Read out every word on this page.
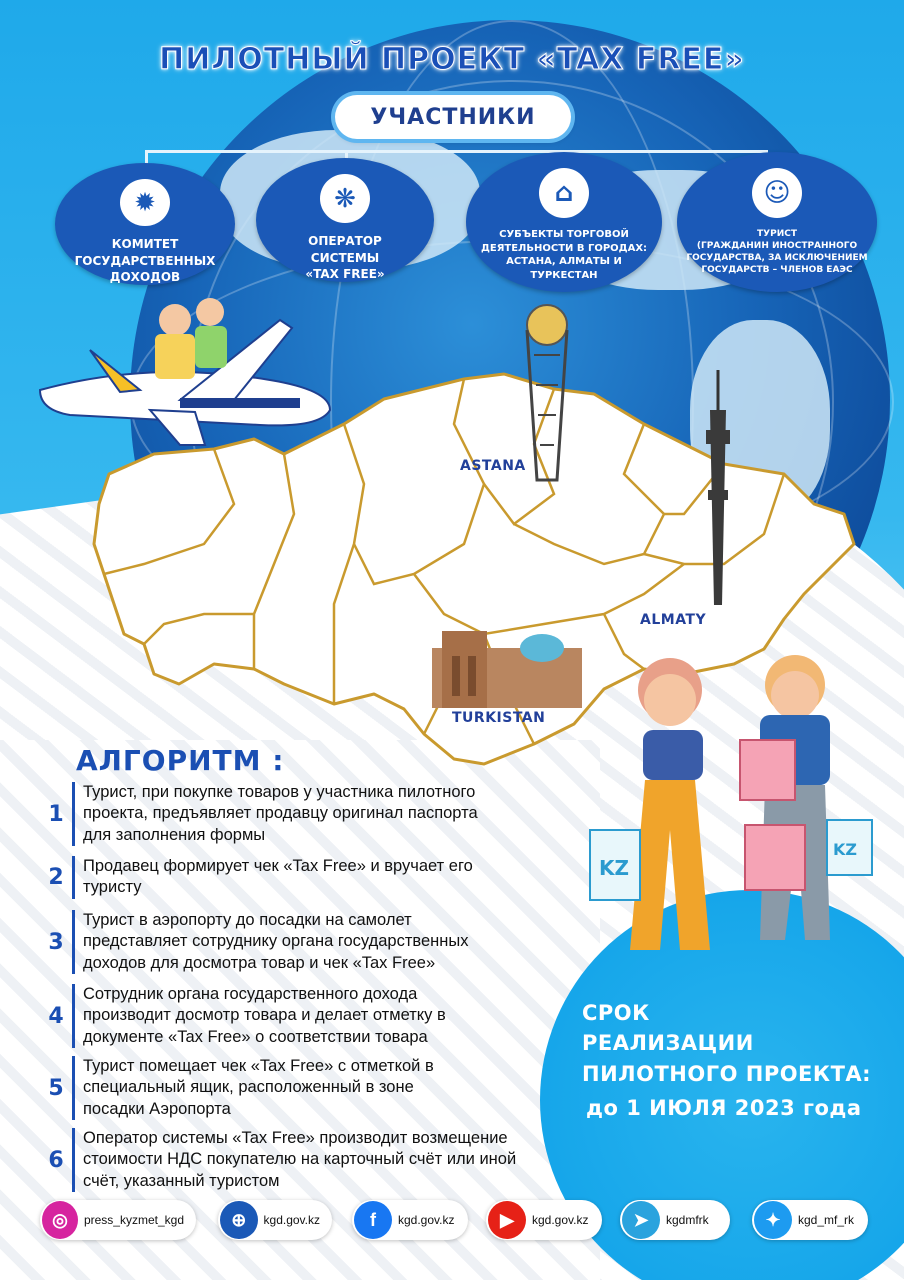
ПИЛОТНЫЙ ПРОЕКТ «TAX FREE»
УЧАСТНИКИ
✹
КОМИТЕТ
ГОСУДАРСТВЕННЫХ
ДОХОДОВ
❋
ОПЕРАТОР
СИСТЕМЫ
«TAX FREE»
⌂
СУБЪЕКТЫ ТОРГОВОЙ
ДЕЯТЕЛЬНОСТИ В ГОРОДАХ:
АСТАНА, АЛМАТЫ И
ТУРКЕСТАН
☺
ТУРИСТ
(ГРАЖДАНИН ИНОСТРАННОГО
ГОСУДАРСТВА, ЗА ИСКЛЮЧЕНИЕМ
ГОСУДАРСТВ – ЧЛЕНОВ ЕАЭС
ASTANA
ALMATY
TURKISTAN
KZ
KZ
АЛГОРИТМ :
1
Турист, при покупке товаров у участника пилотного
проекта, предъявляет продавцу оригинал паспорта
для заполнения формы
2 Продавец формирует чек «Tax Free» и вручает его
туристу
3
Турист в аэропорту до посадки на самолет
представляет сотруднику органа государственных
доходов для досмотра товар и чек «Tax Free»
4
Сотрудник органа государственного дохода
производит досмотр товара и делает отметку в
документе «Tax Free» о соответствии товара
5
Турист помещает чек «Tax Free» с отметкой в
специальный ящик, расположенный в зоне
посадки Аэропорта
6
Оператор системы «Tax Free» производит возмещение
стоимости НДС покупателю на карточный счёт или иной
счёт, указанный туристом
СРОК
РЕАЛИЗАЦИИ
ПИЛОТНОГО ПРОЕКТА:
до 1 ИЮЛЯ 2023 года
◎	press_kyzmet_kgd	⊕	kgd.gov.kz	f	kgd.gov.kz	▶	kgd.gov.kz	➤	kgdmfrk	✦	kgd_mf_rk
